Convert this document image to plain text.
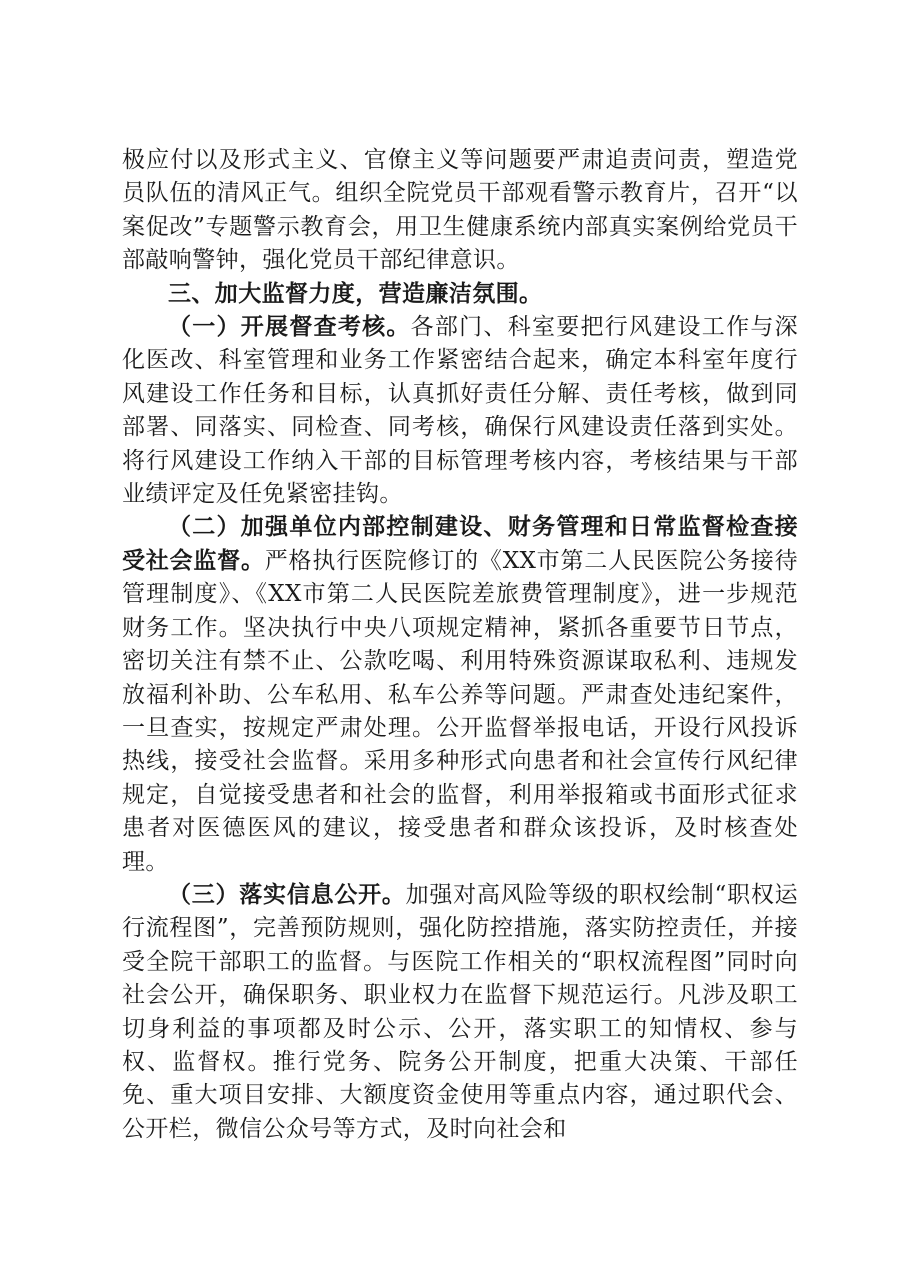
极应付以及形式主义、官僚主义等问题要严肃追责问责，塑造党员队伍的清风正气。组织全院党员干部观看警示教育片，召开“以案促改”专题警示教育会，用卫生健康系统内部真实案例给党员干部敲响警钟，强化党员干部纪律意识。

三、加大监督力度，营造廉洁氛围。

（一）开展督查考核。各部门、科室要把行风建设工作与深化医改、科室管理和业务工作紧密结合起来，确定本科室年度行风建设工作任务和目标，认真抓好责任分解、责任考核，做到同部署、同落实、同检查、同考核，确保行风建设责任落到实处。将行风建设工作纳入干部的目标管理考核内容，考核结果与干部业绩评定及任免紧密挂钩。

（二）加强单位内部控制建设、财务管理和日常监督检查接受社会监督。严格执行医院修订的《XX市第二人民医院公务接待管理制度》、《XX市第二人民医院差旅费管理制度》，进一步规范财务工作。坚决执行中央八项规定精神，紧抓各重要节日节点，密切关注有禁不止、公款吃喝、利用特殊资源谋取私利、违规发放福利补助、公车私用、私车公养等问题。严肃查处违纪案件，一旦查实，按规定严肃处理。公开监督举报电话，开设行风投诉热线，接受社会监督。采用多种形式向患者和社会宣传行风纪律规定，自觉接受患者和社会的监督，利用举报箱或书面形式征求患者对医德医风的建议，接受患者和群众该投诉，及时核查处理。

（三）落实信息公开。加强对高风险等级的职权绘制“职权运行流程图”，完善预防规则，强化防控措施，落实防控责任，并接受全院干部职工的监督。与医院工作相关的“职权流程图”同时向社会公开，确保职务、职业权力在监督下规范运行。凡涉及职工切身利益的事项都及时公示、公开，落实职工的知情权、参与权、监督权。推行党务、院务公开制度，把重大决策、干部任免、重大项目安排、大额度资金使用等重点内容，通过职代会、公开栏，微信公众号等方式，及时向社会和
